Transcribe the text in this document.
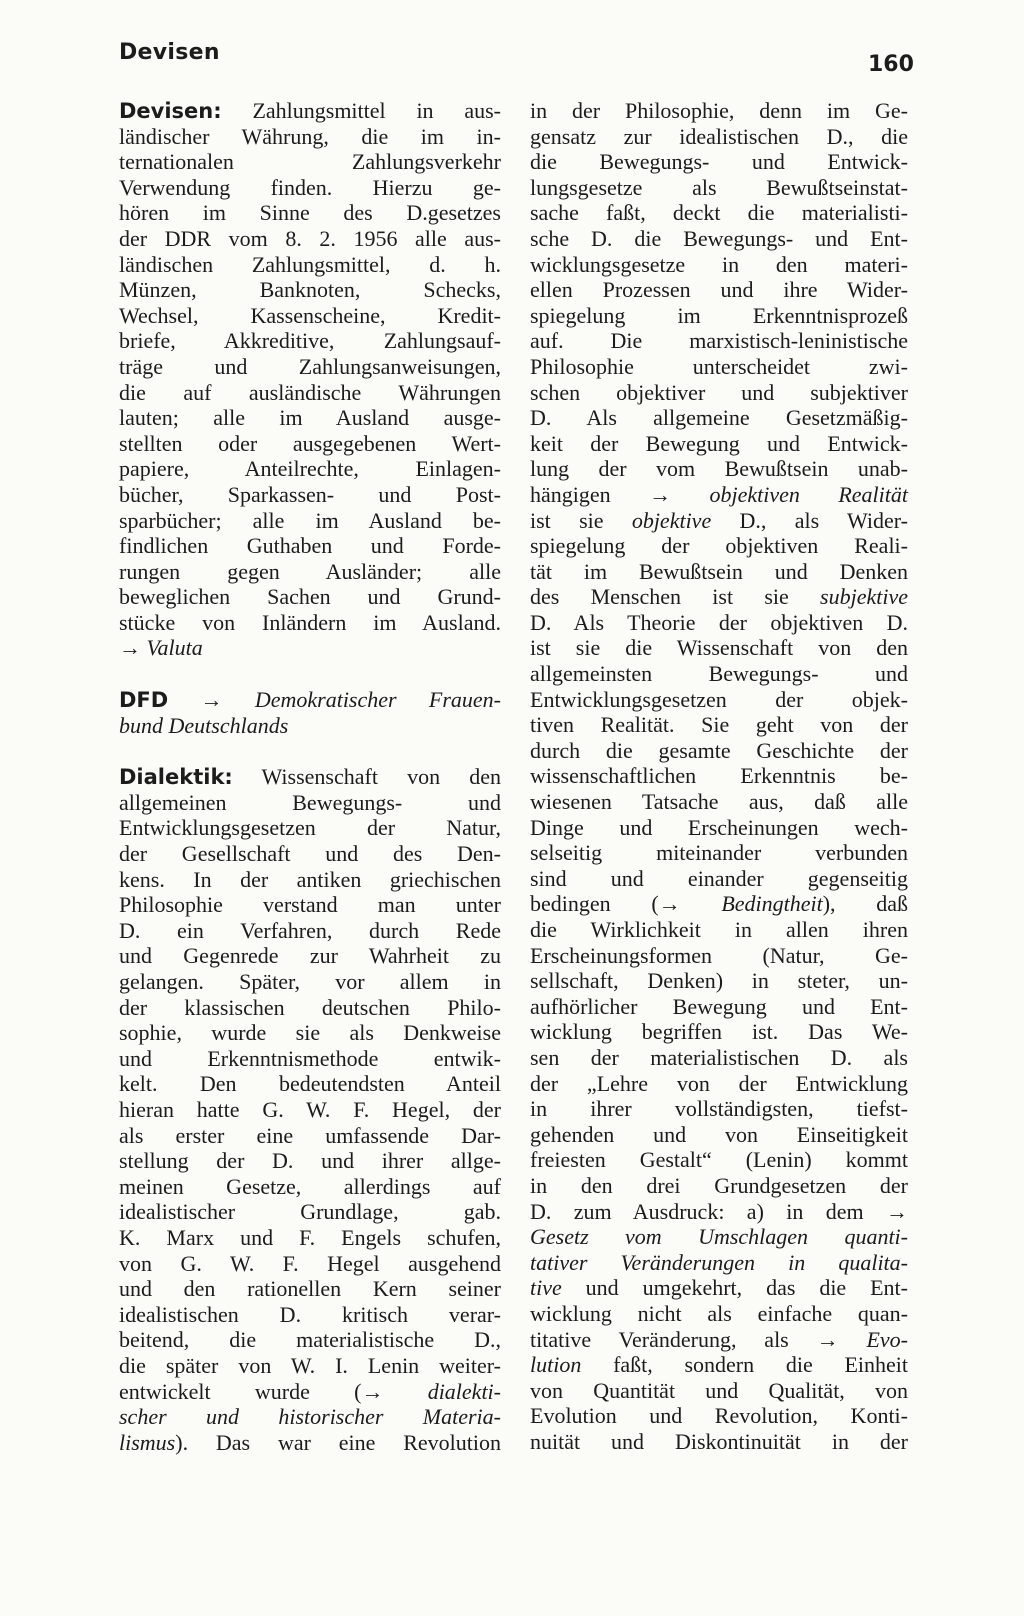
Devisen	160
Devisen: Zahlungsmittel in aus-
ländischer Währung, die im in-
ternationalen Zahlungsverkehr
Verwendung finden. Hierzu ge-
hören im Sinne des D.gesetzes
der DDR vom 8. 2. 1956 alle aus-
ländischen Zahlungsmittel, d. h.
Münzen, Banknoten, Schecks,
Wechsel, Kassenscheine, Kredit-
briefe, Akkreditive, Zahlungsauf-
träge und Zahlungsanweisungen,
die auf ausländische Währungen
lauten; alle im Ausland ausge-
stellten oder ausgegebenen Wert-
papiere, Anteilrechte, Einlagen-
bücher, Sparkassen- und Post-
sparbücher; alle im Ausland be-
findlichen Guthaben und Forde-
rungen gegen Ausländer; alle
beweglichen Sachen und Grund-
stücke von Inländern im Ausland.
→ Valuta
DFD → Demokratischer Frauen-
bund Deutschlands
Dialektik: Wissenschaft von den
allgemeinen Bewegungs- und
Entwicklungsgesetzen der Natur,
der Gesellschaft und des Den-
kens. In der antiken griechischen
Philosophie verstand man unter
D. ein Verfahren, durch Rede
und Gegenrede zur Wahrheit zu
gelangen. Später, vor allem in
der klassischen deutschen Philo-
sophie, wurde sie als Denkweise
und Erkenntnismethode entwik-
kelt. Den bedeutendsten Anteil
hieran hatte G. W. F. Hegel, der
als erster eine umfassende Dar-
stellung der D. und ihrer allge-
meinen Gesetze, allerdings auf
idealistischer Grundlage, gab.
K. Marx und F. Engels schufen,
von G. W. F. Hegel ausgehend
und den rationellen Kern seiner
idealistischen D. kritisch verar-
beitend, die materialistische D.,
die später von W. I. Lenin weiter-
entwickelt wurde (→ dialekti-
scher und historischer Materia-
lismus). Das war eine Revolution
in der Philosophie, denn im Ge-
gensatz zur idealistischen D., die
die Bewegungs- und Entwick-
lungsgesetze als Bewußtseinstat-
sache faßt, deckt die materialisti-
sche D. die Bewegungs- und Ent-
wicklungsgesetze in den materi-
ellen Prozessen und ihre Wider-
spiegelung im Erkenntnisprozeß
auf. Die marxistisch-leninistische
Philosophie unterscheidet zwi-
schen objektiver und subjektiver
D. Als allgemeine Gesetzmäßig-
keit der Bewegung und Entwick-
lung der vom Bewußtsein unab-
hängigen → objektiven Realität
ist sie objektive D., als Wider-
spiegelung der objektiven Reali-
tät im Bewußtsein und Denken
des Menschen ist sie subjektive
D. Als Theorie der objektiven D.
ist sie die Wissenschaft von den
allgemeinsten Bewegungs- und
Entwicklungsgesetzen der objek-
tiven Realität. Sie geht von der
durch die gesamte Geschichte der
wissenschaftlichen Erkenntnis be-
wiesenen Tatsache aus, daß alle
Dinge und Erscheinungen wech-
selseitig miteinander verbunden
sind und einander gegenseitig
bedingen (→ Bedingtheit), daß
die Wirklichkeit in allen ihren
Erscheinungsformen (Natur, Ge-
sellschaft, Denken) in steter, un-
aufhörlicher Bewegung und Ent-
wicklung begriffen ist. Das We-
sen der materialistischen D. als
der „Lehre von der Entwicklung
in ihrer vollständigsten, tiefst-
gehenden und von Einseitigkeit
freiesten Gestalt“ (Lenin) kommt
in den drei Grundgesetzen der
D. zum Ausdruck: a) in dem →
Gesetz vom Umschlagen quanti-
tativer Veränderungen in qualita-
tive und umgekehrt, das die Ent-
wicklung nicht als einfache quan-
titative Veränderung, als → Evo-
lution faßt, sondern die Einheit
von Quantität und Qualität, von
Evolution und Revolution, Konti-
nuität und Diskontinuität in der
